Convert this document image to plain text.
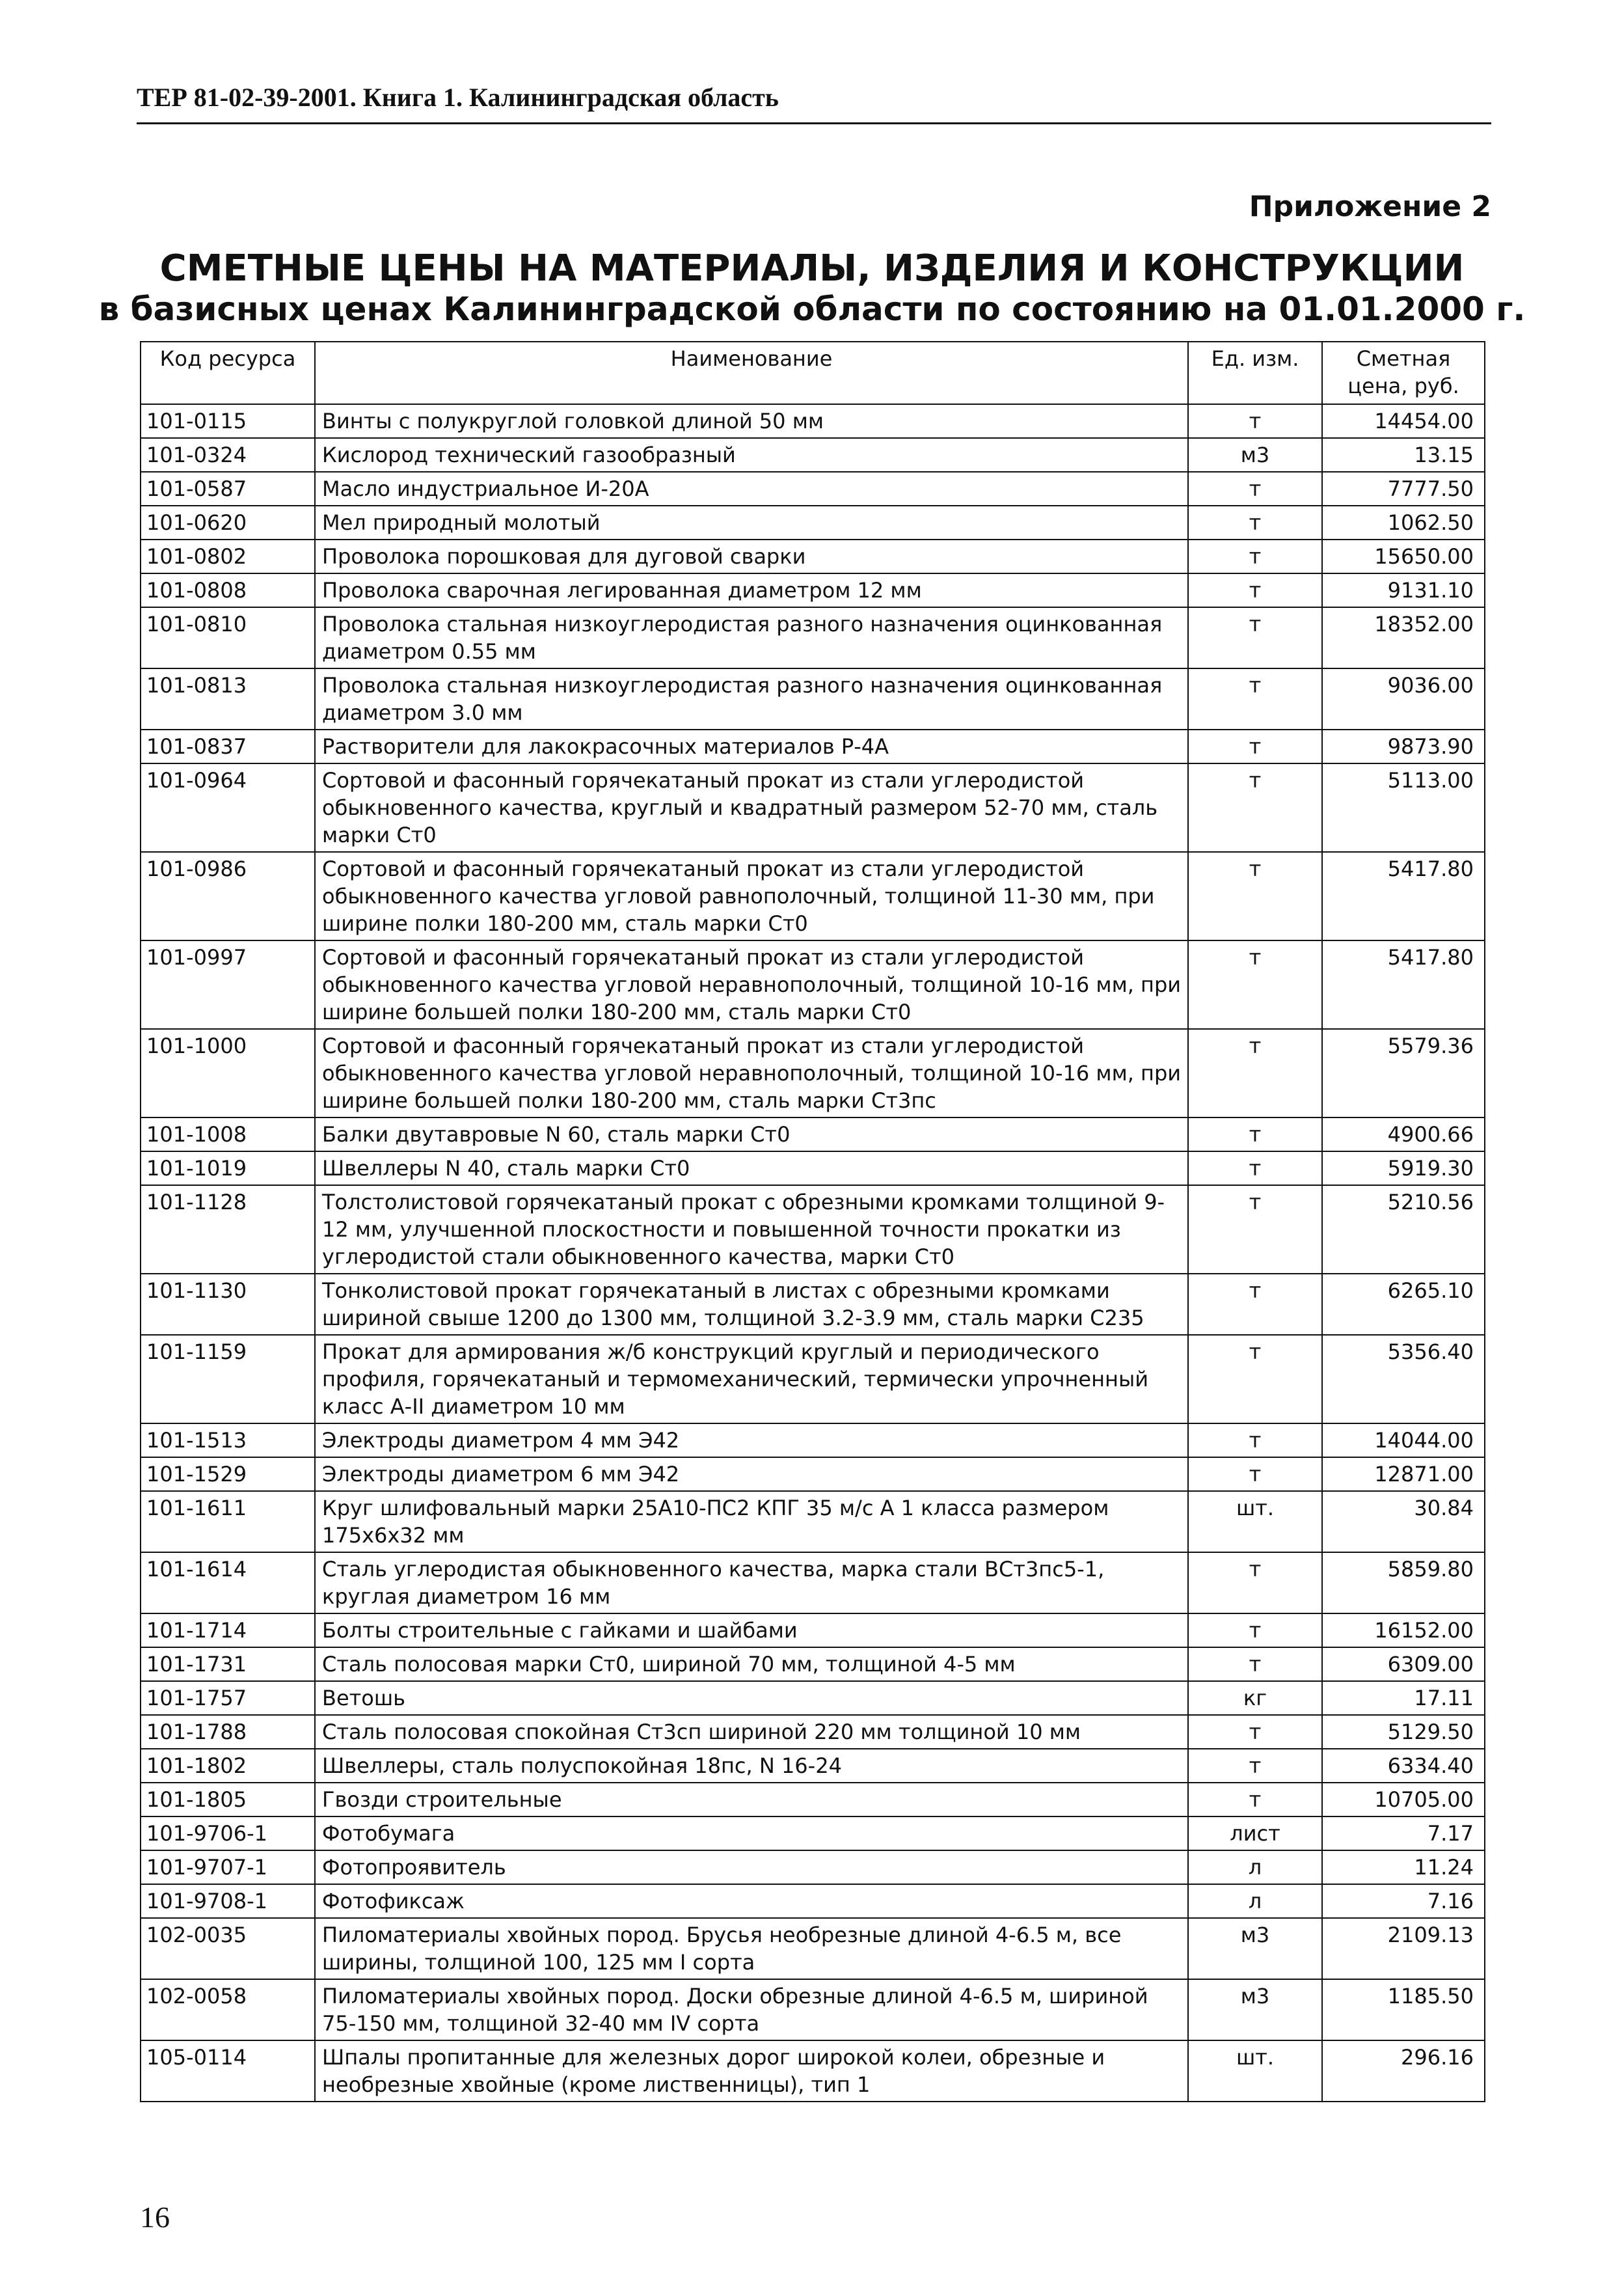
ТЕР 81-02-39-2001. Книга 1. Калининградская область
Приложение 2
СМЕТНЫЕ ЦЕНЫ НА МАТЕРИАЛЫ, ИЗДЕЛИЯ И КОНСТРУКЦИИ
в базисных ценах Калининградской области по состоянию на 01.01.2000 г.
Код ресурса	Наименование	Ед. изм.	Сметная цена, руб.
101-0115	Винты с полукруглой головкой длиной 50 мм	т	14454.00
101-0324	Кислород технический газообразный	м3	13.15
101-0587	Масло индустриальное И-20А	т	7777.50
101-0620	Мел природный молотый	т	1062.50
101-0802	Проволока порошковая для дуговой сварки	т	15650.00
101-0808	Проволока сварочная легированная диаметром 12 мм	т	9131.10
101-0810	Проволока стальная низкоуглеродистая разного назначения оцинкованная диаметром 0.55 мм	т	18352.00
101-0813	Проволока стальная низкоуглеродистая разного назначения оцинкованная диаметром 3.0 мм	т	9036.00
101-0837	Растворители для лакокрасочных материалов Р-4А	т	9873.90
101-0964	Сортовой и фасонный горячекатаный прокат из стали углеродистой обыкновенного качества, круглый и квадратный размером 52-70 мм, сталь марки Ст0	т	5113.00
101-0986	Сортовой и фасонный горячекатаный прокат из стали углеродистой обыкновенного качества угловой равнополочный, толщиной 11-30 мм, при ширине полки 180-200 мм, сталь марки Ст0	т	5417.80
101-0997	Сортовой и фасонный горячекатаный прокат из стали углеродистой обыкновенного качества угловой неравнополочный, толщиной 10-16 мм, при ширине большей полки 180-200 мм, сталь марки Ст0	т	5417.80
101-1000	Сортовой и фасонный горячекатаный прокат из стали углеродистой обыкновенного качества угловой неравнополочный, толщиной 10-16 мм, при ширине большей полки 180-200 мм, сталь марки Ст3пс	т	5579.36
101-1008	Балки двутавровые N 60, сталь марки Ст0	т	4900.66
101-1019	Швеллеры N 40, сталь марки Ст0	т	5919.30
101-1128	Толстолистовой горячекатаный прокат с обрезными кромками толщиной 9-12 мм, улучшенной плоскостности и повышенной точности прокатки из углеродистой стали обыкновенного качества, марки Ст0	т	5210.56
101-1130	Тонколистовой прокат горячекатаный в листах с обрезными кромками шириной свыше 1200 до 1300 мм, толщиной 3.2-3.9 мм, сталь марки С235	т	6265.10
101-1159	Прокат для армирования ж/б конструкций круглый и периодического профиля, горячекатаный и термомеханический, термически упрочненный класс А-II диаметром 10 мм	т	5356.40
101-1513	Электроды диаметром 4 мм Э42	т	14044.00
101-1529	Электроды диаметром 6 мм Э42	т	12871.00
101-1611	Круг шлифовальный марки 25А10-ПС2 КПГ 35 м/с А 1 класса размером 175х6х32 мм	шт.	30.84
101-1614	Сталь углеродистая обыкновенного качества, марка стали ВСт3пс5-1, круглая диаметром 16 мм	т	5859.80
101-1714	Болты строительные с гайками и шайбами	т	16152.00
101-1731	Сталь полосовая марки Ст0, шириной 70 мм, толщиной 4-5 мм	т	6309.00
101-1757	Ветошь	кг	17.11
101-1788	Сталь полосовая спокойная Ст3сп шириной 220 мм толщиной 10 мм	т	5129.50
101-1802	Швеллеры, сталь полуспокойная 18пс, N 16-24	т	6334.40
101-1805	Гвозди строительные	т	10705.00
101-9706-1	Фотобумага	лист	7.17
101-9707-1	Фотопроявитель	л	11.24
101-9708-1	Фотофиксаж	л	7.16
102-0035	Пиломатериалы хвойных пород. Брусья необрезные длиной 4-6.5 м, все ширины, толщиной 100, 125 мм I сорта	м3	2109.13
102-0058	Пиломатериалы хвойных пород. Доски обрезные длиной 4-6.5 м, шириной 75-150 мм, толщиной 32-40 мм IV сорта	м3	1185.50
105-0114	Шпалы пропитанные для железных дорог широкой колеи, обрезные и необрезные хвойные (кроме лиственницы), тип 1	шт.	296.16
16
